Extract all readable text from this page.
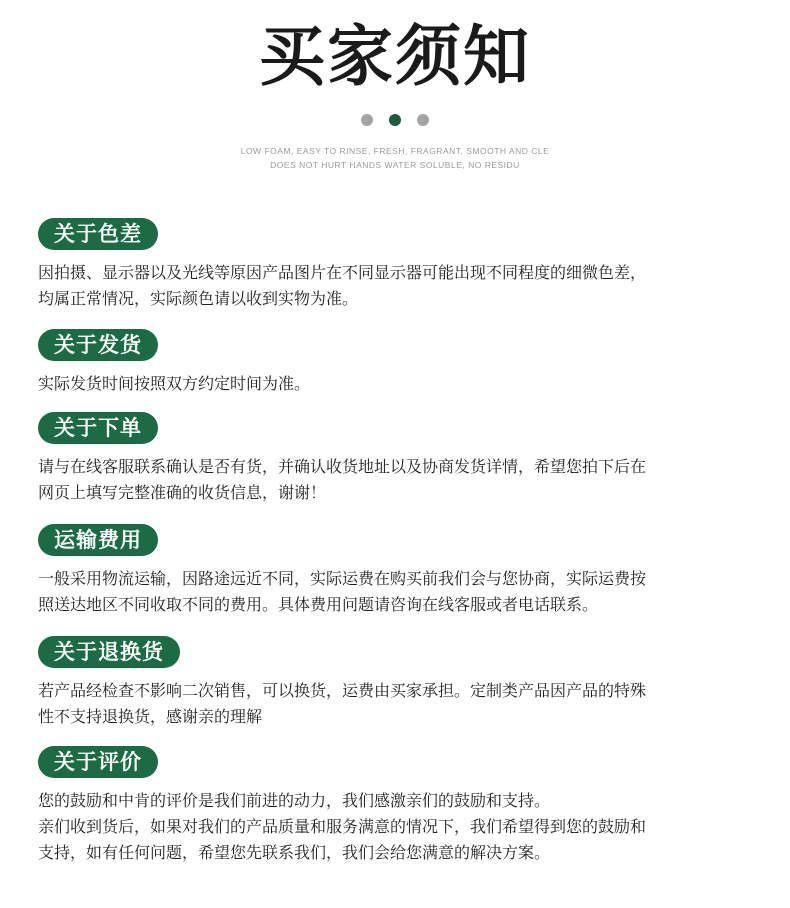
买家须知
LOW FOAM, EASY TO RINSE, FRESH, FRAGRANT, SMOOTH AND CLE
DOES NOT HURT HANDS WATER SOLUBLE, NO RESIDU
关于色差
因拍摄、显示器以及光线等原因产品图片在不同显示器可能出现不同程度的细微色差，
均属正常情况，实际颜色请以收到实物为准。
关于发货
实际发货时间按照双方约定时间为准。
关于下单
请与在线客服联系确认是否有货，并确认收货地址以及协商发货详情，希望您拍下后在
网页上填写完整准确的收货信息，谢谢！
运输费用
一般采用物流运输，因路途远近不同，实际运费在购买前我们会与您协商，实际运费按
照送达地区不同收取不同的费用。具体费用问题请咨询在线客服或者电话联系。
关于退换货
若产品经检查不影响二次销售，可以换货，运费由买家承担。定制类产品因产品的特殊
性不支持退换货，感谢亲的理解
关于评价
您的鼓励和中肯的评价是我们前进的动力，我们感激亲们的鼓励和支持。
亲们收到货后，如果对我们的产品质量和服务满意的情况下，我们希望得到您的鼓励和
支持，如有任何问题，希望您先联系我们，我们会给您满意的解决方案。
